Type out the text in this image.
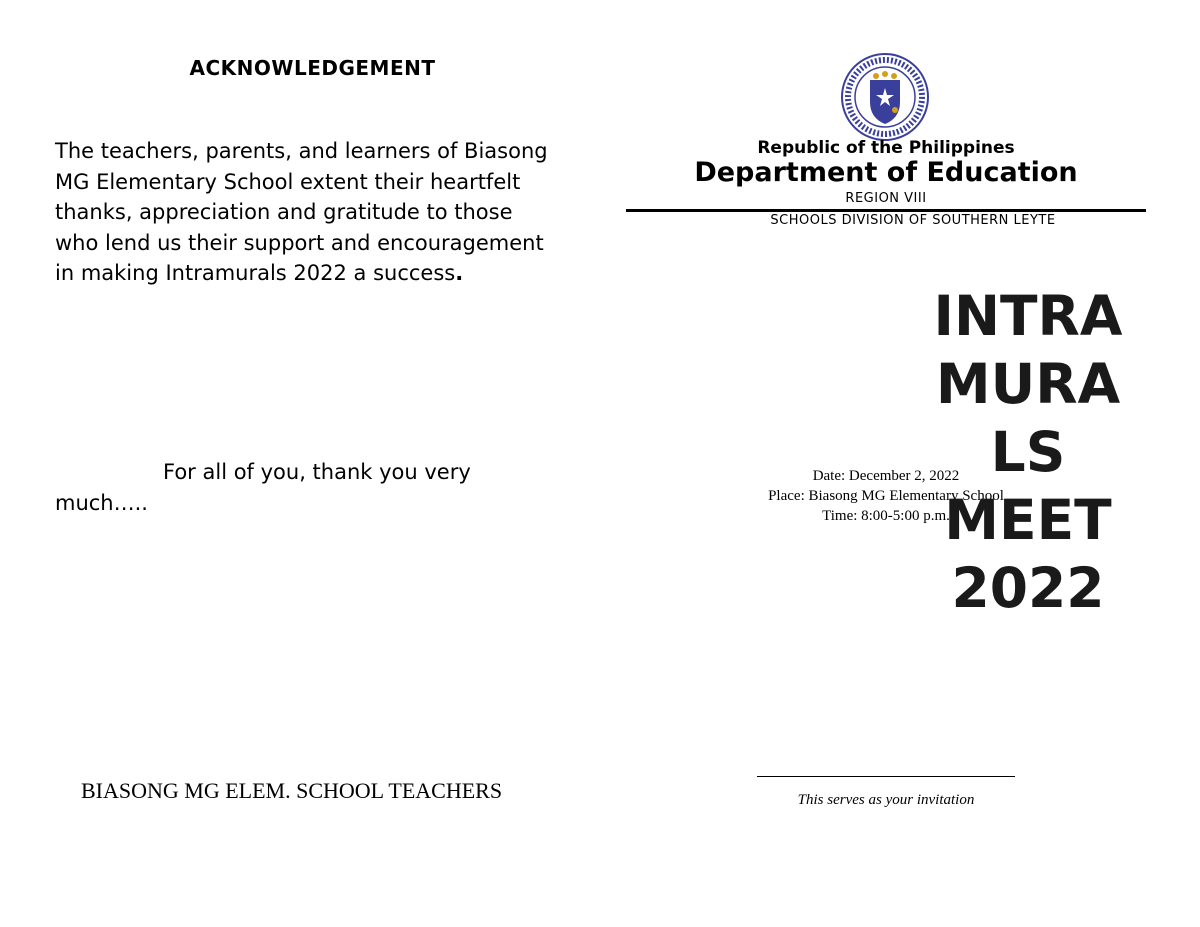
ACKNOWLEDGEMENT
The teachers, parents, and learners of Biasong MG Elementary School extent their heartfelt thanks, appreciation and gratitude to those who lend us their support and encouragement in making Intramurals 2022 a success.
For all of you, thank you very much…..
BIASONG MG ELEM. SCHOOL TEACHERS
Republic of the Philippines
Department of Education
REGION VIII
SCHOOLS DIVISION OF SOUTHERN LEYTE
Date: December 2, 2022
Place: Biasong MG Elementary School
Time: 8:00-5:00 p.m.
INTRA
MURA
LS
MEET
2022
This serves as your invitation
